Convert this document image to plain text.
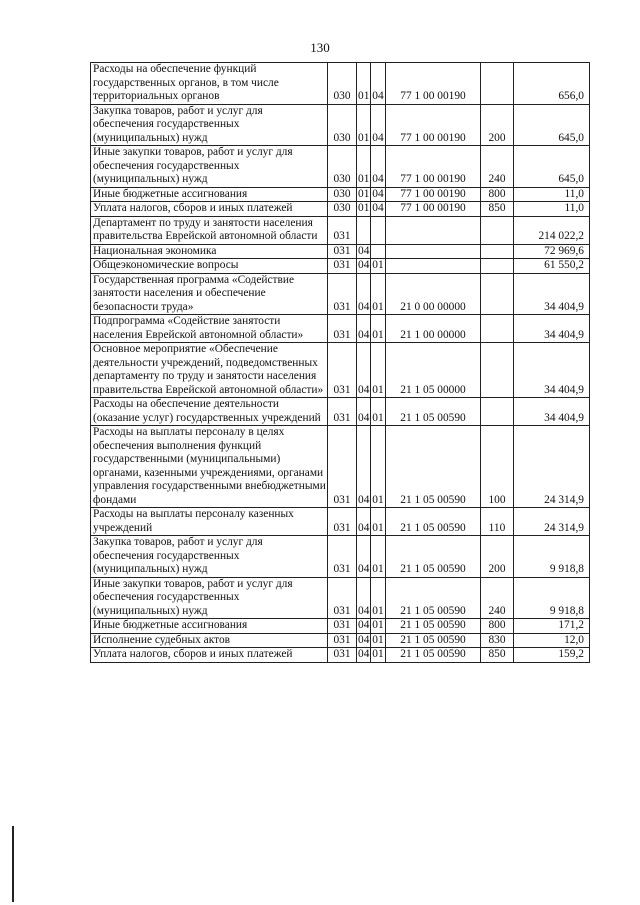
130
Расходы на обеспечение функций государственных органов, в том числе территориальных органов	030	01	04	77 1 00 00190		656,0
Закупка товаров, работ и услуг для обеспечения государственных (муниципальных) нужд	030	01	04	77 1 00 00190	200	645,0
Иные закупки товаров, работ и услуг для обеспечения государственных (муниципальных) нужд	030	01	04	77 1 00 00190	240	645,0
Иные бюджетные ассигнования	030	01	04	77 1 00 00190	800	11,0
Уплата налогов, сборов и иных платежей	030	01	04	77 1 00 00190	850	11,0
Департамент по труду и занятости населения правительства Еврейской автономной области	031					214 022,2
Национальная экономика	031	04				72 969,6
Общеэкономические вопросы	031	04	01			61 550,2
Государственная программа «Содействие занятости населения и обеспечение безопасности труда»	031	04	01	21 0 00 00000		34 404,9
Подпрограмма «Содействие занятости населения Еврейской автономной области»	031	04	01	21 1 00 00000		34 404,9
Основное мероприятие «Обеспечение деятельности учреждений, подведомственных департаменту по труду и занятости населения правительства Еврейской автономной области»	031	04	01	21 1 05 00000		34 404,9
Расходы на обеспечение деятельности (оказание услуг) государственных учреждений	031	04	01	21 1 05 00590		34 404,9
Расходы на выплаты персоналу в целях обеспечения выполнения функций государственными (муниципальными) органами, казенными учреждениями, органами управления государственными внебюджетными фондами	031	04	01	21 1 05 00590	100	24 314,9
Расходы на выплаты персоналу казенных учреждений	031	04	01	21 1 05 00590	110	24 314,9
Закупка товаров, работ и услуг для обеспечения государственных (муниципальных) нужд	031	04	01	21 1 05 00590	200	9 918,8
Иные закупки товаров, работ и услуг для обеспечения государственных (муниципальных) нужд	031	04	01	21 1 05 00590	240	9 918,8
Иные бюджетные ассигнования	031	04	01	21 1 05 00590	800	171,2
Исполнение судебных актов	031	04	01	21 1 05 00590	830	12,0
Уплата налогов, сборов и иных платежей	031	04	01	21 1 05 00590	850	159,2
